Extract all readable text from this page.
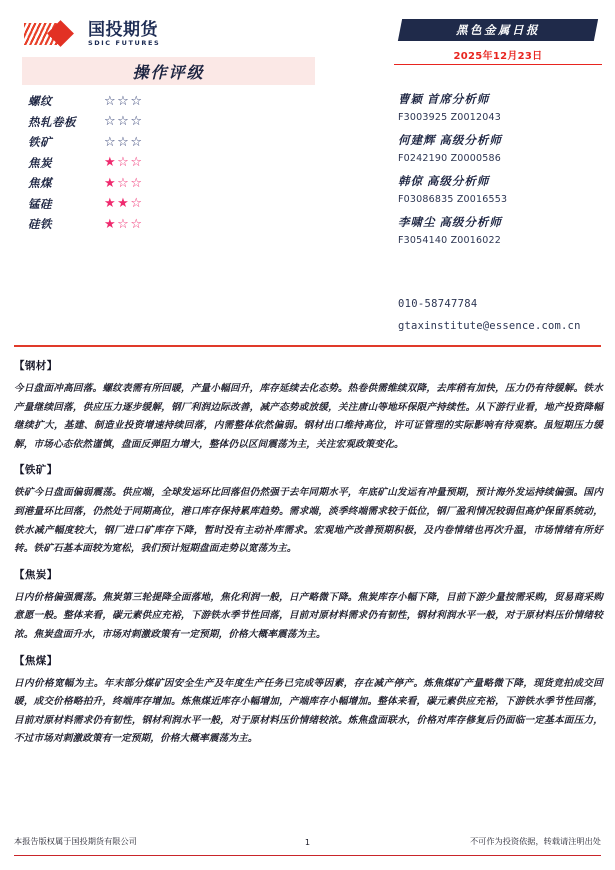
国投期货
SDIC FUTURES
操作评级
螺纹	☆☆☆
热轧卷板	☆☆☆
铁矿	☆☆☆
焦炭	★☆☆
焦煤	★☆☆
锰硅	★★☆
硅铁	★☆☆
黑色金属日报
2025年12月23日
曹颖 首席分析师
F3003925 Z0012043
何建辉 高级分析师
F0242190 Z0000586
韩倞 高级分析师
F03086835 Z0016553
李啸尘 高级分析师
F3054140 Z0016022
010-58747784
gtaxinstitute@essence.com.cn
【钢材】
今日盘面冲高回落。螺纹表需有所回暖，产量小幅回升，库存延续去化态势。热卷供需维续双降，去库稍有加快，压力仍有待缓解。铁水产量继续回落，供应压力逐步缓解，钢厂利润边际改善，减产态势或放缓，关注唐山等地环保限产持续性。从下游行业看，地产投资降幅继续扩大，基建、制造业投资增速持续回落，内需整体依然偏弱。钢材出口维持高位，许可证管理的实际影响有待观察。虽短期压力缓解，市场心态依然谨慎，盘面反弹阻力增大，整体仍以区间震荡为主，关注宏观政策变化。
【铁矿】
铁矿今日盘面偏弱震荡。供应端，全球发运环比回落但仍然强于去年同期水平，年底矿山发运有冲量预期，预计海外发运持续偏强。国内到港量环比回落，仍然处于同期高位，港口库存保持累库趋势。需求端，淡季终端需求较于低位，钢厂盈利情况较弱但高炉保留系统动，铁水减产幅度较大，钢厂进口矿库存下降，暂时没有主动补库需求。宏观地产改善预期积极，及内卷情绪也再次升温，市场情绪有所好转。铁矿石基本面较为宽松，我们预计短期盘面走势以宽荡为主。
【焦炭】
日内价格偏强震荡。焦炭第三轮提降全面落地，焦化利润一般，日产略微下降。焦炭库存小幅下降，目前下游少量按需采购，贸易商采购意愿一般。整体来看，碳元素供应充裕，下游铁水季节性回落，目前对原材料需求仍有韧性，钢材利润水平一般，对于原材料压价情绪较浓。焦炭盘面升水，市场对刺激政策有一定预期，价格大概率震荡为主。
【焦煤】
日内价格宽幅为主。年末部分煤矿因安全生产及年度生产任务已完成等因素，存在减产停产。炼焦煤矿产量略微下降，现货竞拍成交回暖，成交价格略拍升，终端库存增加。炼焦煤近库存小幅增加，产端库存小幅增加。整体来看，碳元素供应充裕，下游铁水季节性回落，目前对原材料需求仍有韧性，钢材利润水平一般，对于原材料压价情绪较浓。炼焦盘面联水，价格对库存修复后仍面临一定基本面压力，不过市场对刺激政策有一定预期，价格大概率震荡为主。
本报告版权属于国投期货有限公司	1	不可作为投资依据，转载请注明出处
